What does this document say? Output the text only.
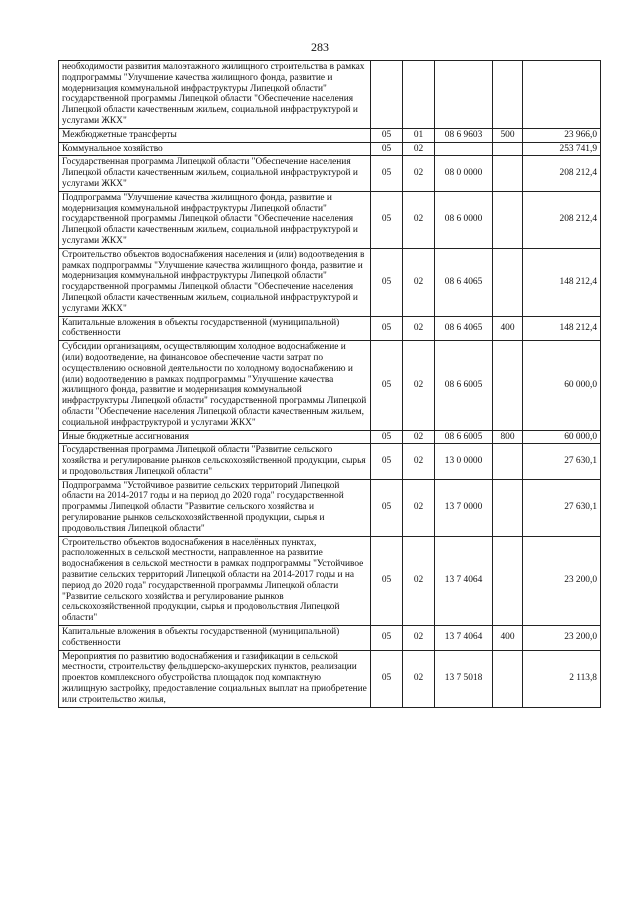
283
необходимости развития малоэтажного жилищного строительства в рамках подпрограммы "Улучшение качества жилищного фонда, развитие и модернизация коммунальной инфраструктуры Липецкой области" государственной программы Липецкой области "Обеспечение населения Липецкой области качественным жильем, социальной инфраструктурой и услугами ЖКХ"					
Межбюджетные трансферты	05	01	08 6 9603	500	23 966,0
Коммунальное хозяйство	05	02			253 741,9
Государственная программа Липецкой области "Обеспечение населения Липецкой области качественным жильем, социальной инфраструктурой и услугами ЖКХ"	05	02	08 0 0000		208 212,4
Подпрограмма "Улучшение качества жилищного фонда, развитие и модернизация коммунальной инфраструктуры Липецкой области" государственной программы Липецкой области "Обеспечение населения Липецкой области качественным жильем, социальной инфраструктурой и услугами ЖКХ"	05	02	08 6 0000		208 212,4
Строительство объектов водоснабжения населения и (или) водоотведения в рамках подпрограммы "Улучшение качества жилищного фонда, развитие и модернизация коммунальной инфраструктуры Липецкой области" государственной программы Липецкой области "Обеспечение населения Липецкой области качественным жильем, социальной инфраструктурой и услугами ЖКХ"	05	02	08 6 4065		148 212,4
Капитальные вложения в объекты государственной (муниципальной) собственности	05	02	08 6 4065	400	148 212,4
Субсидии организациям, осуществляющим холодное водоснабжение и (или) водоотведение, на финансовое обеспечение части затрат по осуществлению основной деятельности по холодному водоснабжению и (или) водоотведению в рамках подпрограммы "Улучшение качества жилищного фонда, развитие и модернизация коммунальной инфраструктуры Липецкой области" государственной программы Липецкой области "Обеспечение населения Липецкой области качественным жильем, социальной инфраструктурой и услугами ЖКХ"	05	02	08 6 6005		60 000,0
Иные бюджетные ассигнования	05	02	08 6 6005	800	60 000,0
Государственная программа Липецкой области "Развитие сельского хозяйства и регулирование рынков сельскохозяйственной продукции, сырья и продовольствия Липецкой области"	05	02	13 0 0000		27 630,1
Подпрограмма "Устойчивое развитие сельских территорий Липецкой области на 2014-2017 годы и на период до 2020 года" государственной программы Липецкой области "Развитие сельского хозяйства и регулирование рынков сельскохозяйственной продукции, сырья и продовольствия Липецкой области"	05	02	13 7 0000		27 630,1
Строительство объектов водоснабжения в населённых пунктах, расположенных в сельской местности, направленное на развитие водоснабжения в сельской местности в рамках подпрограммы "Устойчивое развитие сельских территорий Липецкой области на 2014-2017 годы и на период до 2020 года" государственной программы Липецкой области "Развитие сельского хозяйства и регулирование рынков сельскохозяйственной продукции, сырья и продовольствия Липецкой области"	05	02	13 7 4064		23 200,0
Капитальные вложения в объекты государственной (муниципальной) собственности	05	02	13 7 4064	400	23 200,0
Мероприятия по развитию водоснабжения и газификации в сельской местности, строительству фельдшерско-акушерских пунктов, реализации проектов комплексного обустройства площадок под компактную жилищную застройку, предоставление социальных выплат на приобретение или строительство жилья,	05	02	13 7 5018		2 113,8
